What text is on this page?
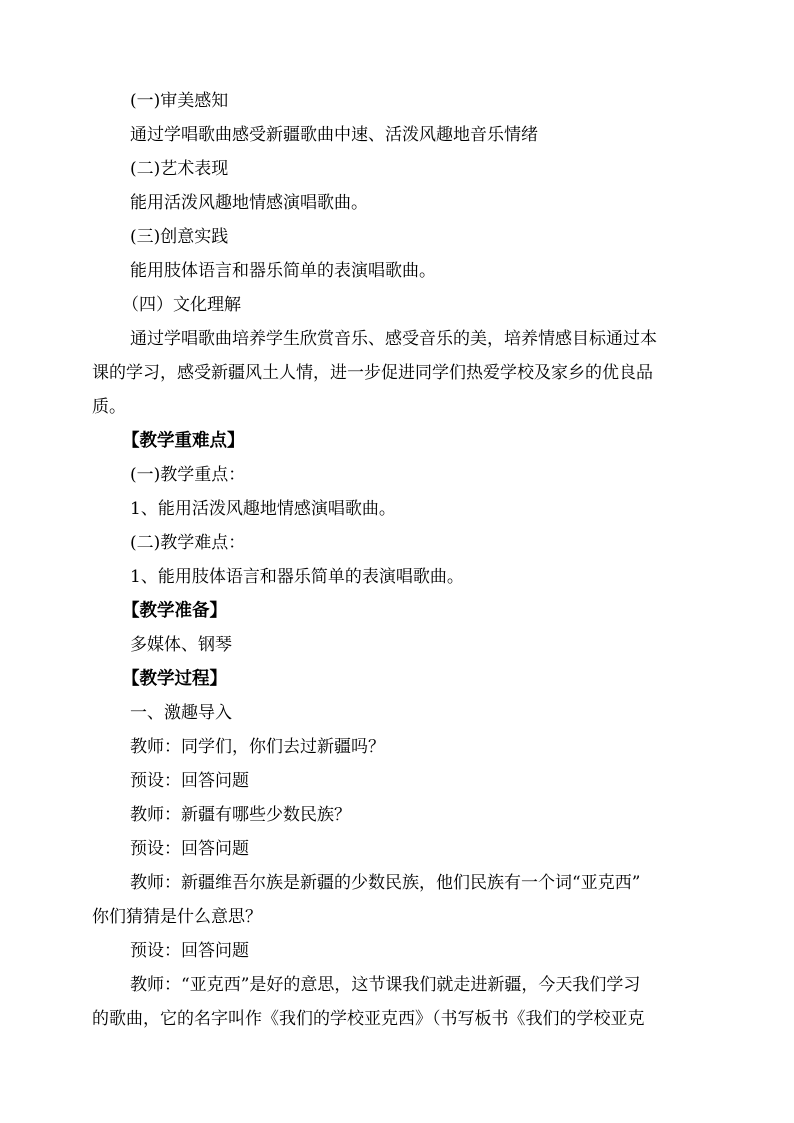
(一)审美感知
通过学唱歌曲感受新疆歌曲中速、活泼风趣地音乐情绪
(二)艺术表现
能用活泼风趣地情感演唱歌曲。
(三)创意实践
能用肢体语言和器乐简单的表演唱歌曲。
（四）文化理解
通过学唱歌曲培养学生欣赏音乐、感受音乐的美，培养情感目标通过本
课的学习，感受新疆风土人情，进一步促进同学们热爱学校及家乡的优良品
质。
【教学重难点】
(一)教学重点：
1、能用活泼风趣地情感演唱歌曲。
(二)教学难点：
1、能用肢体语言和器乐简单的表演唱歌曲。
【教学准备】
多媒体、钢琴
【教学过程】
一、激趣导入
教师：同学们，你们去过新疆吗？
预设：回答问题
教师：新疆有哪些少数民族？
预设：回答问题
教师：新疆维吾尔族是新疆的少数民族，他们民族有一个词“亚克西”
你们猜猜是什么意思？
预设：回答问题
教师：“亚克西”是好的意思，这节课我们就走进新疆，今天我们学习
的歌曲，它的名字叫作《我们的学校亚克西》（书写板书《我们的学校亚克
